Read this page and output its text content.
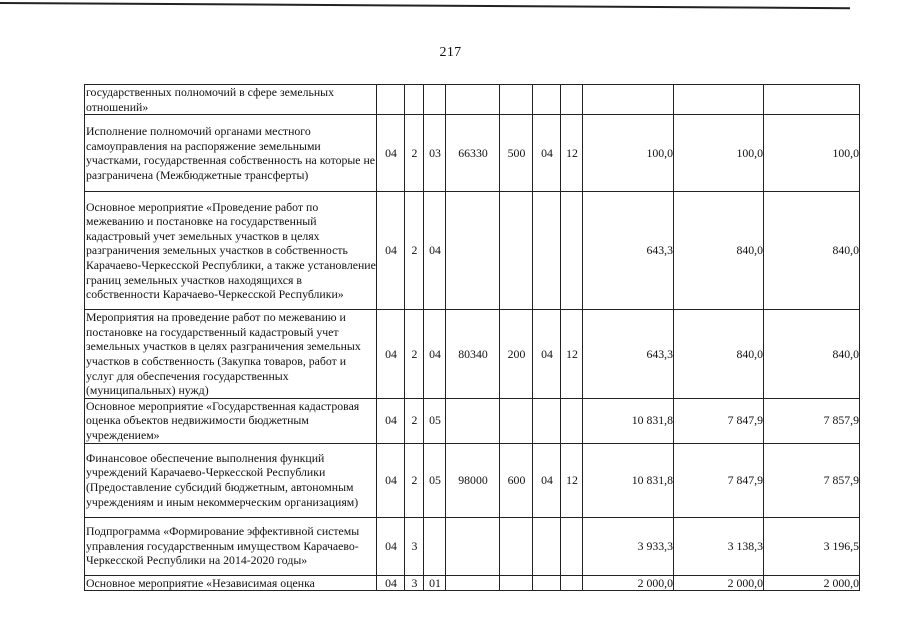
217
государственных полномочий в сфере земельных отношений»										
Исполнение полномочий органами местного самоуправления на распоряжение земельными участками, государственная собственность на которые не разграничена (Межбюджетные трансферты)	04	2	03	66330	500	04	12	100,0	100,0	100,0
Основное мероприятие «Проведение работ по межеванию и постановке на государственный кадастровый учет земельных участков в целях разграничения земельных участков в собственность Карачаево-Черкесской Республики, а также установление границ земельных участков находящихся в собственности Карачаево-Черкесской Республики»	04	2	04					643,3	840,0	840,0
Мероприятия на проведение работ по межеванию и постановке на государственный кадастровый учет земельных участков в целях разграничения земельных участков в собственность (Закупка товаров, работ и услуг для обеспечения государственных (муниципальных) нужд)	04	2	04	80340	200	04	12	643,3	840,0	840,0
Основное мероприятие «Государственная кадастровая оценка объектов недвижимости бюджетным учреждением»	04	2	05					10 831,8	7 847,9	7 857,9
Финансовое обеспечение выполнения функций учреждений Карачаево-Черкесской Республики (Предоставление субсидий бюджетным, автономным учреждениям и иным некоммерческим организациям)	04	2	05	98000	600	04	12	10 831,8	7 847,9	7 857,9
Подпрограмма «Формирование эффективной системы управления государственным имуществом Карачаево-Черкесской Республики на 2014-2020 годы»	04	3						3 933,3	3 138,3	3 196,5
Основное мероприятие «Независимая оценка	04	3	01					2 000,0	2 000,0	2 000,0
